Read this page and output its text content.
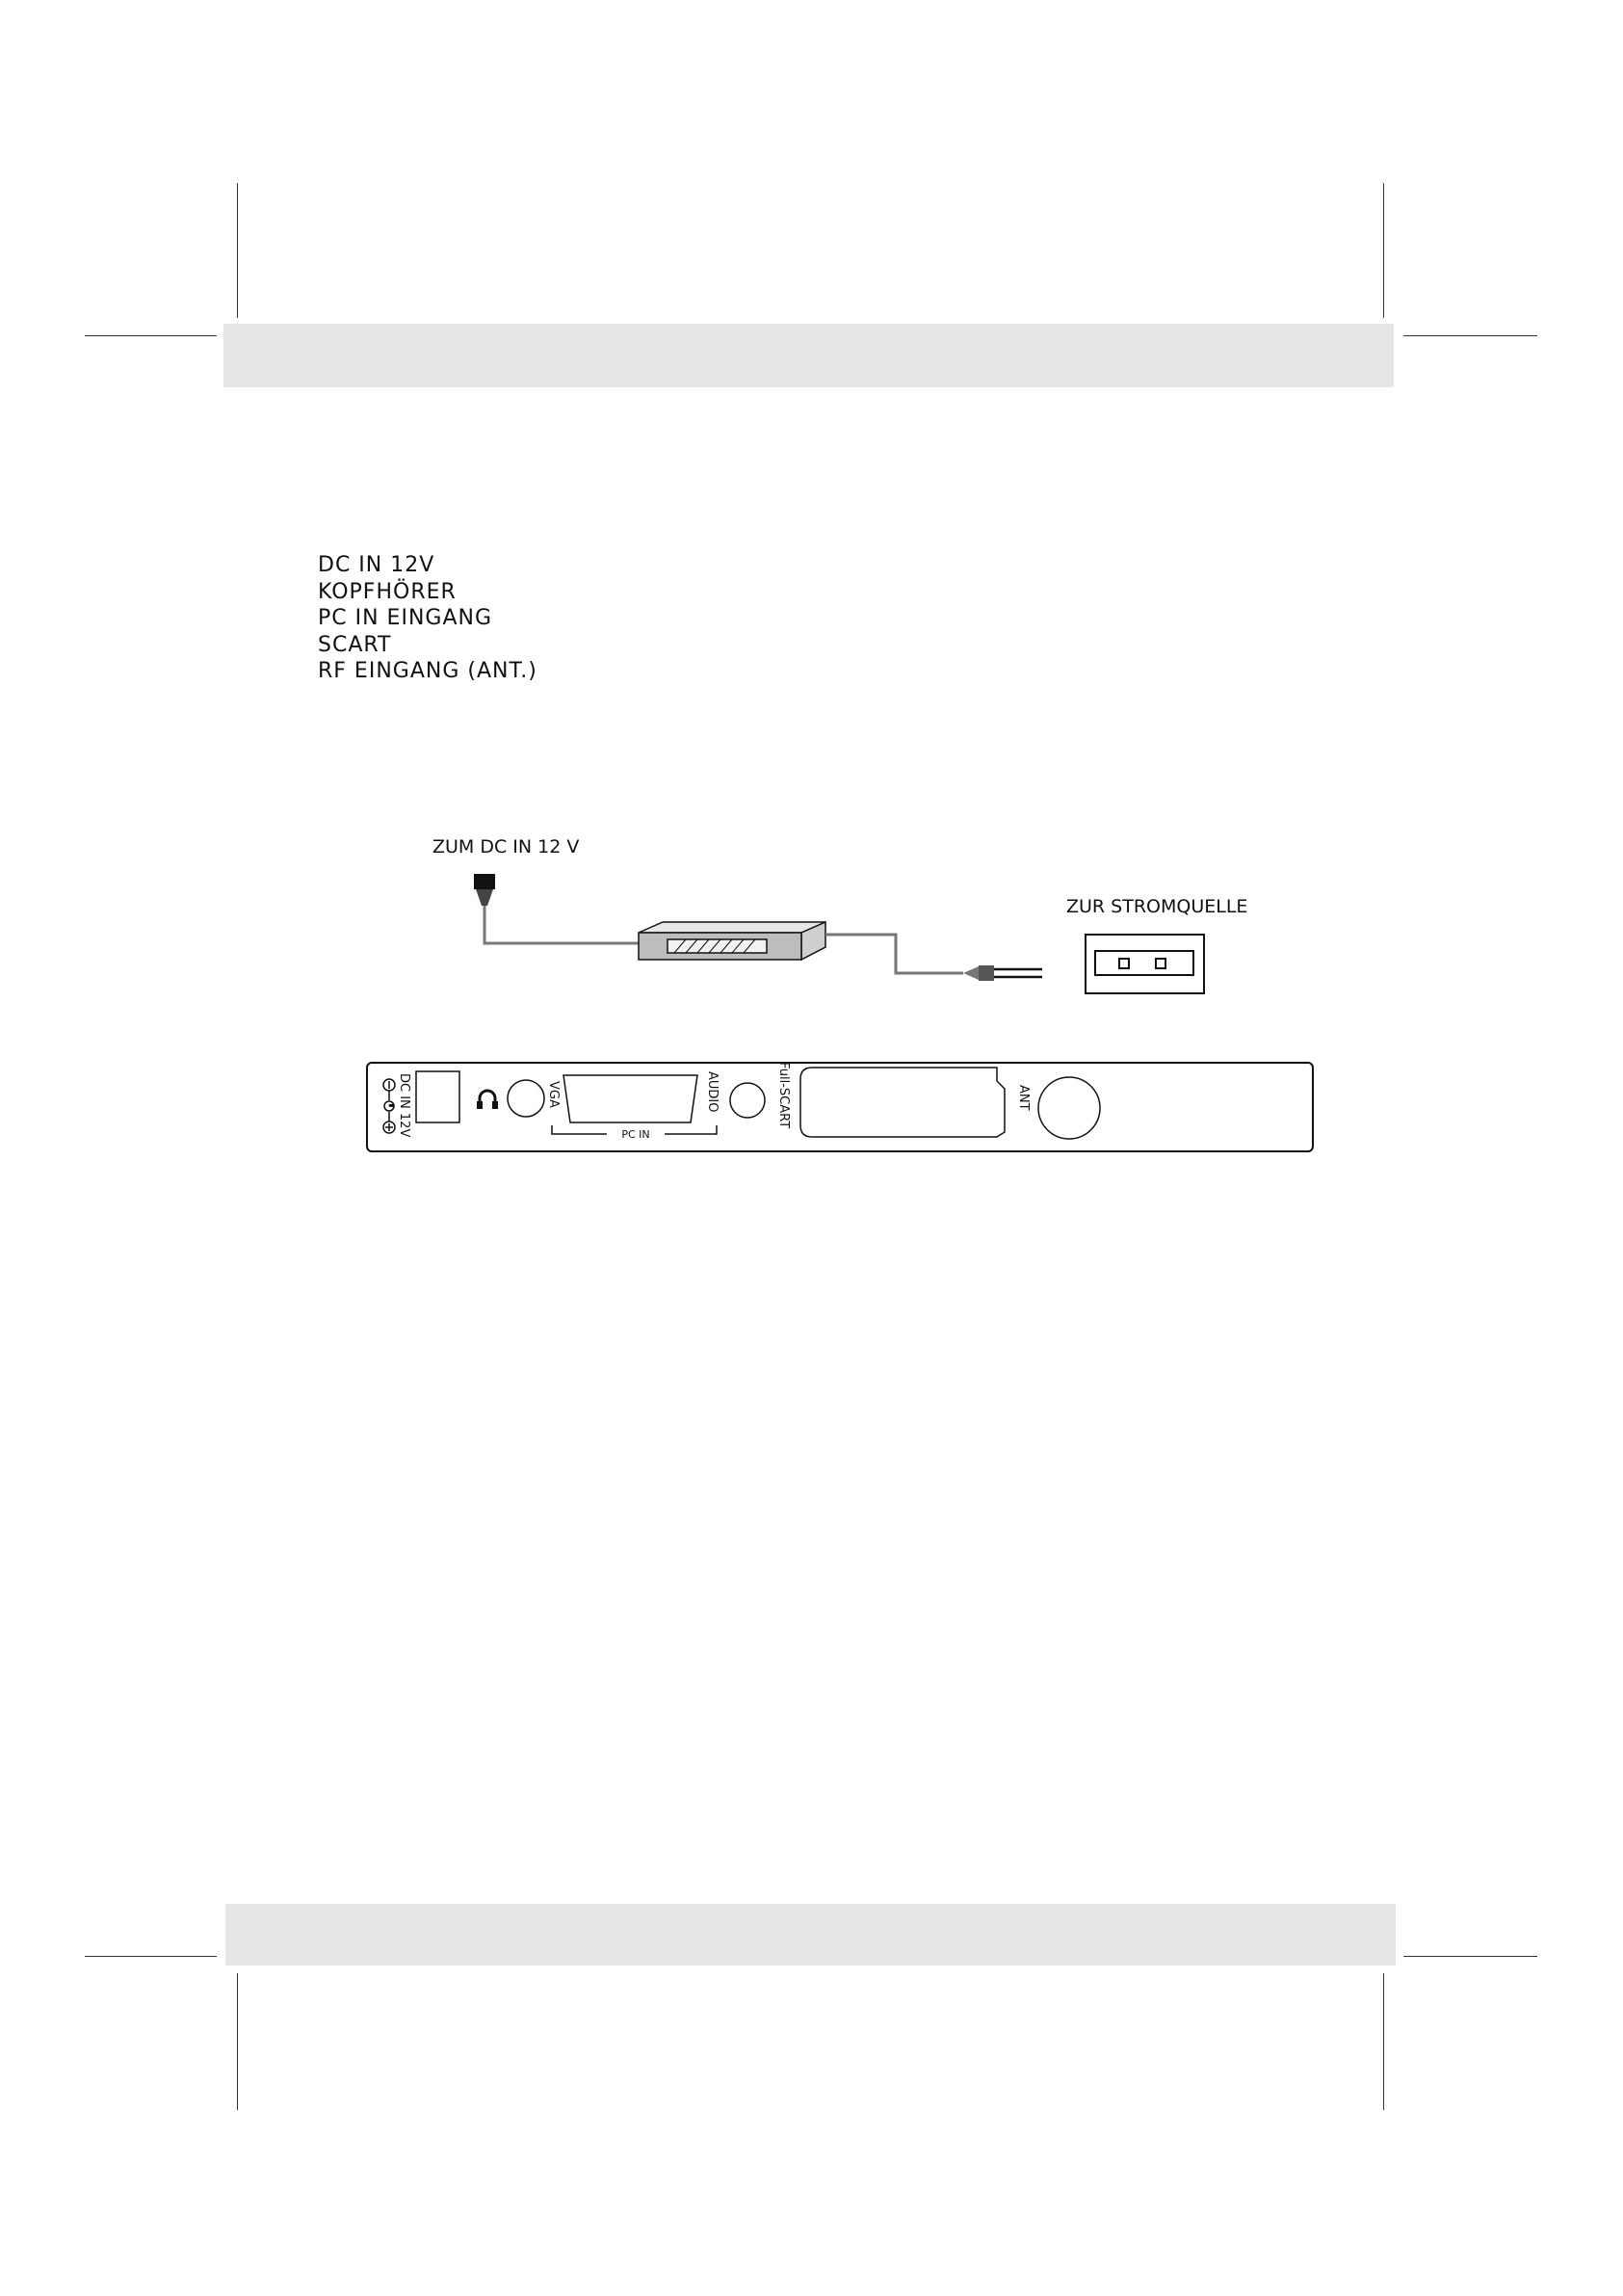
DC IN 12V
KOPFHÖRER
PC IN EINGANG
SCART
RF EINGANG (ANT.)
ZUM DC IN 12 V
ZUR STROMQUELLE
DC IN 12V	VGA	AUDIO
PC IN
Full-SCART	ANT
